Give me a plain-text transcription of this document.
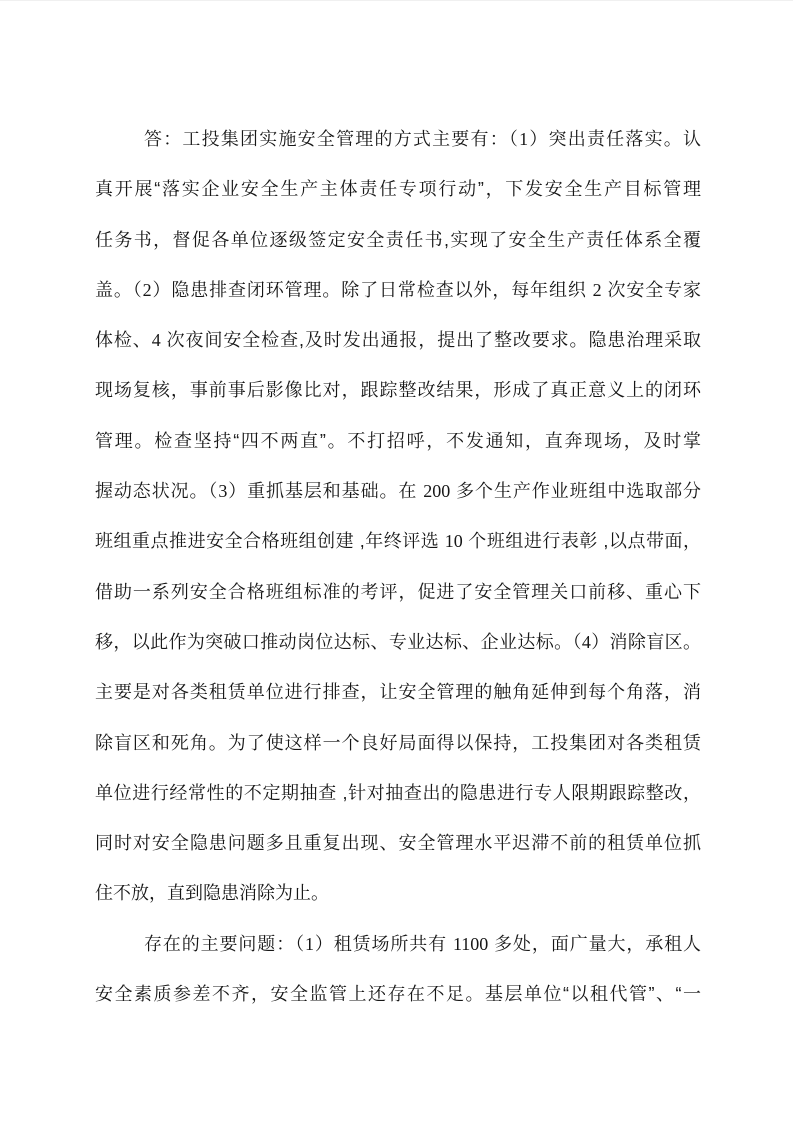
答：工投集团实施安全管理的方式主要有：（1）突出责任落实。认
真开展“落实企业安全生产主体责任专项行动”，下发安全生产目标管理
任务书，督促各单位逐级签定安全责任书,实现了安全生产责任体系全覆
盖。（2）隐患排查闭环管理。除了日常检查以外，每年组织 2 次安全专家
体检、4 次夜间安全检查,及时发出通报，提出了整改要求。隐患治理采取
现场复核，事前事后影像比对，跟踪整改结果，形成了真正意义上的闭环
管理。检查坚持“四不两直”。不打招呼，不发通知，直奔现场，及时掌
握动态状况。（3）重抓基层和基础。在 200 多个生产作业班组中选取部分
班组重点推进安全合格班组创建 ,年终评选 10 个班组进行表彰 ,以点带面，
借助一系列安全合格班组标准的考评，促进了安全管理关口前移、重心下
移，以此作为突破口推动岗位达标、专业达标、企业达标。（4）消除盲区。
主要是对各类租赁单位进行排查，让安全管理的触角延伸到每个角落，消
除盲区和死角。为了使这样一个良好局面得以保持，工投集团对各类租赁
单位进行经常性的不定期抽查 ,针对抽查出的隐患进行专人限期跟踪整改，
同时对安全隐患问题多且重复出现、安全管理水平迟滞不前的租赁单位抓
住不放，直到隐患消除为止。
存在的主要问题：（1）租赁场所共有 1100 多处，面广量大，承租人
安全素质参差不齐，安全监管上还存在不足。基层单位“以租代管”、“一
